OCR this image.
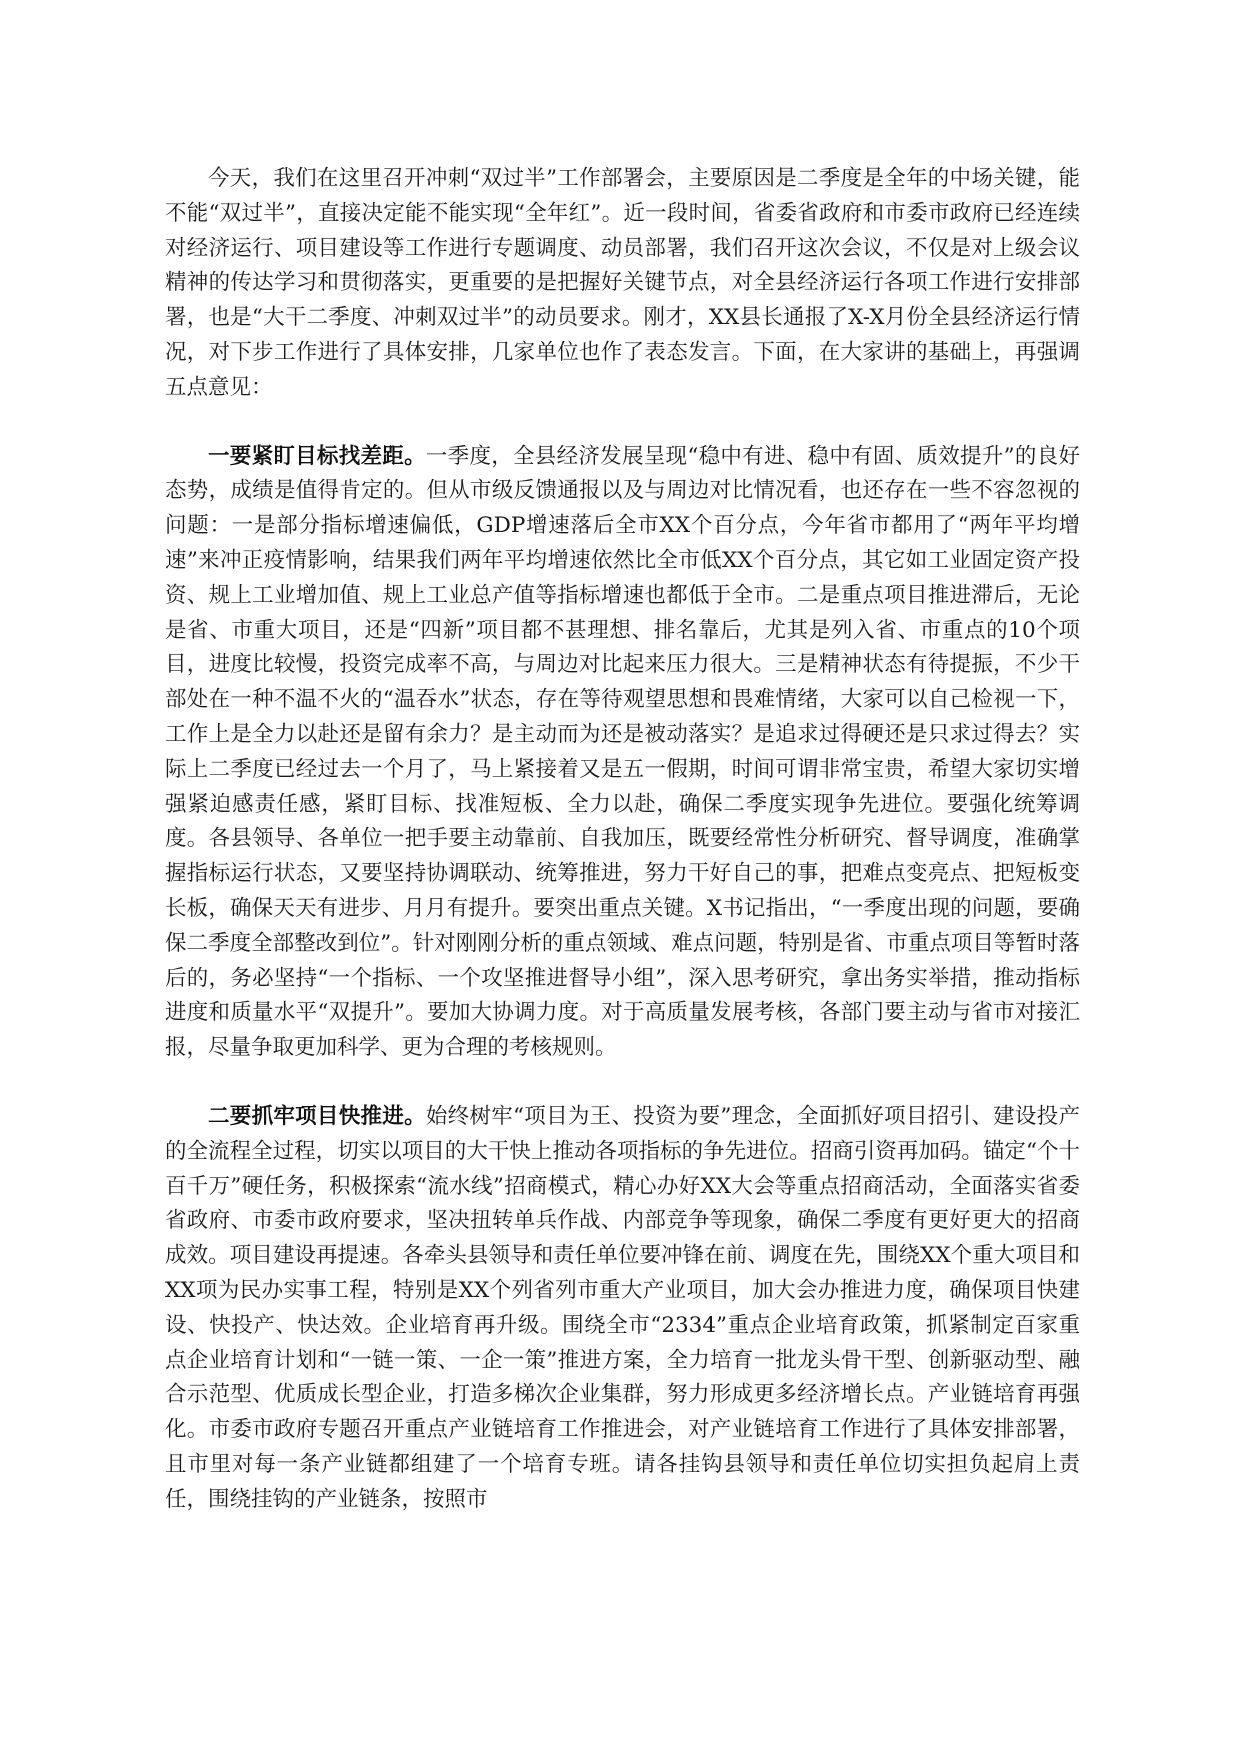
今天，我们在这里召开冲刺“双过半”工作部署会，主要原因是二季度是全年的中场关键，能不能“双过半”，直接决定能不能实现“全年红”。近一段时间，省委省政府和市委市政府已经连续对经济运行、项目建设等工作进行专题调度、动员部署，我们召开这次会议，不仅是对上级会议精神的传达学习和贯彻落实，更重要的是把握好关键节点，对全县经济运行各项工作进行安排部署，也是“大干二季度、冲刺双过半”的动员要求。刚才，XX县长通报了X-X月份全县经济运行情况，对下步工作进行了具体安排，几家单位也作了表态发言。下面，在大家讲的基础上，再强调五点意见：

一要紧盯目标找差距。一季度，全县经济发展呈现“稳中有进、稳中有固、质效提升”的良好态势，成绩是值得肯定的。但从市级反馈通报以及与周边对比情况看，也还存在一些不容忽视的问题：一是部分指标增速偏低，GDP增速落后全市XX个百分点，今年省市都用了“两年平均增速”来冲正疫情影响，结果我们两年平均增速依然比全市低XX个百分点，其它如工业固定资产投资、规上工业增加值、规上工业总产值等指标增速也都低于全市。二是重点项目推进滞后，无论是省、市重大项目，还是“四新”项目都不甚理想、排名靠后，尤其是列入省、市重点的10个项目，进度比较慢，投资完成率不高，与周边对比起来压力很大。三是精神状态有待提振，不少干部处在一种不温不火的“温吞水”状态，存在等待观望思想和畏难情绪，大家可以自己检视一下，工作上是全力以赴还是留有余力？是主动而为还是被动落实？是追求过得硬还是只求过得去？实际上二季度已经过去一个月了，马上紧接着又是五一假期，时间可谓非常宝贵，希望大家切实增强紧迫感责任感，紧盯目标、找准短板、全力以赴，确保二季度实现争先进位。要强化统筹调度。各县领导、各单位一把手要主动靠前、自我加压，既要经常性分析研究、督导调度，准确掌握指标运行状态，又要坚持协调联动、统筹推进，努力干好自己的事，把难点变亮点、把短板变长板，确保天天有进步、月月有提升。要突出重点关键。X书记指出，“一季度出现的问题，要确保二季度全部整改到位”。针对刚刚分析的重点领域、难点问题，特别是省、市重点项目等暂时落后的，务必坚持“一个指标、一个攻坚推进督导小组”，深入思考研究，拿出务实举措，推动指标进度和质量水平“双提升”。要加大协调力度。对于高质量发展考核，各部门要主动与省市对接汇报，尽量争取更加科学、更为合理的考核规则。

二要抓牢项目快推进。始终树牢“项目为王、投资为要”理念，全面抓好项目招引、建设投产的全流程全过程，切实以项目的大干快上推动各项指标的争先进位。招商引资再加码。锚定“个十百千万”硬任务，积极探索“流水线”招商模式，精心办好XX大会等重点招商活动，全面落实省委省政府、市委市政府要求，坚决扭转单兵作战、内部竞争等现象，确保二季度有更好更大的招商成效。项目建设再提速。各牵头县领导和责任单位要冲锋在前、调度在先，围绕XX个重大项目和XX项为民办实事工程，特别是XX个列省列市重大产业项目，加大会办推进力度，确保项目快建设、快投产、快达效。企业培育再升级。围绕全市“2334”重点企业培育政策，抓紧制定百家重点企业培育计划和“一链一策、一企一策”推进方案，全力培育一批龙头骨干型、创新驱动型、融合示范型、优质成长型企业，打造多梯次企业集群，努力形成更多经济增长点。产业链培育再强化。市委市政府专题召开重点产业链培育工作推进会，对产业链培育工作进行了具体安排部署，且市里对每一条产业链都组建了一个培育专班。请各挂钩县领导和责任单位切实担负起肩上责任，围绕挂钩的产业链条，按照市
